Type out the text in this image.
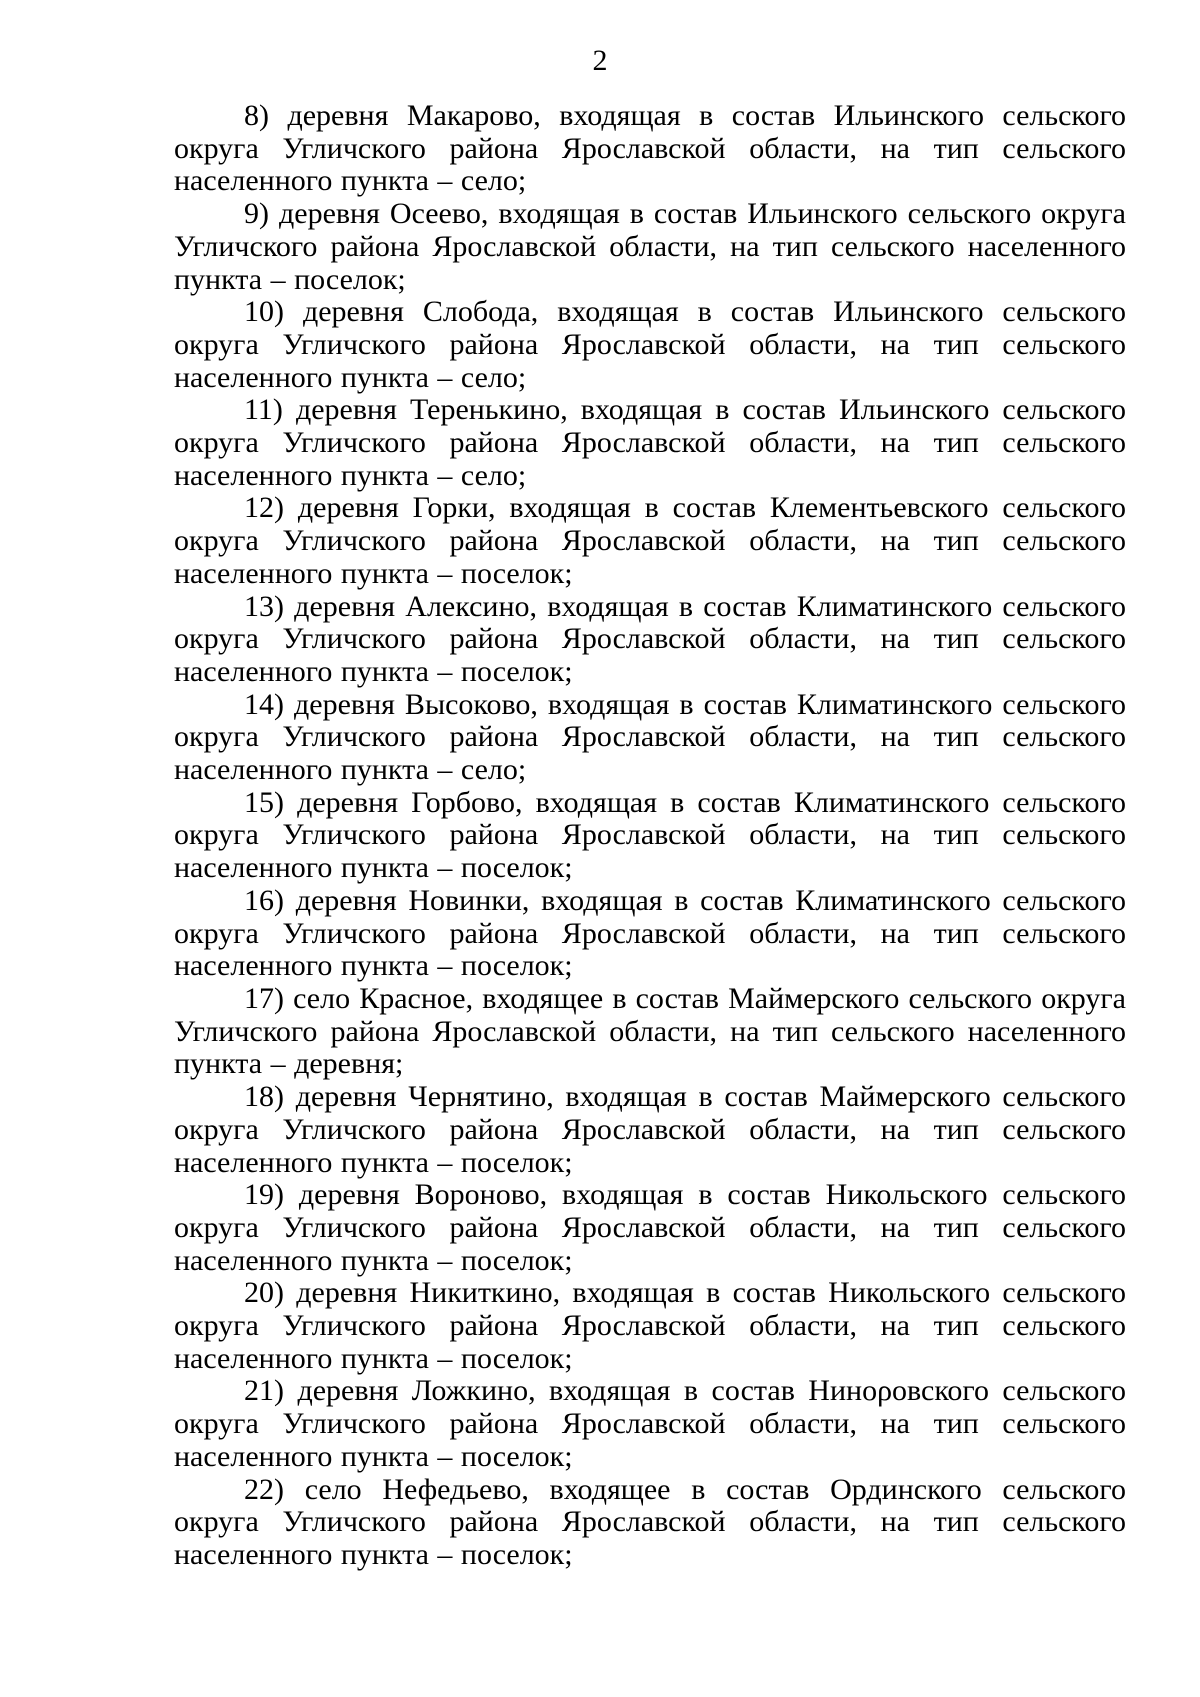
2

8) деревня Макарово, входящая в состав Ильинского сельского округа Угличского района Ярославской области, на тип сельского населенного пункта – село;

9) деревня Осеево, входящая в состав Ильинского сельского округа Угличского района Ярославской области, на тип сельского населенного пункта – поселок;

10) деревня Слобода, входящая в состав Ильинского сельского округа Угличского района Ярославской области, на тип сельского населенного пункта – село;

11) деревня Теренькино, входящая в состав Ильинского сельского округа Угличского района Ярославской области, на тип сельского населенного пункта – село;

12) деревня Горки, входящая в состав Клементьевского сельского округа Угличского района Ярославской области, на тип сельского населенного пункта – поселок;

13) деревня Алексино, входящая в состав Климатинского сельского округа Угличского района Ярославской области, на тип сельского населенного пункта – поселок;

14) деревня Высоково, входящая в состав Климатинского сельского округа Угличского района Ярославской области, на тип сельского населенного пункта – село;

15) деревня Горбово, входящая в состав Климатинского сельского округа Угличского района Ярославской области, на тип сельского населенного пункта – поселок;

16) деревня Новинки, входящая в состав Климатинского сельского округа Угличского района Ярославской области, на тип сельского населенного пункта – поселок;

17) село Красное, входящее в состав Маймерского сельского округа Угличского района Ярославской области, на тип сельского населенного пункта – деревня;

18) деревня Чернятино, входящая в состав Маймерского сельского округа Угличского района Ярославской области, на тип сельского населенного пункта – поселок;

19) деревня Вороново, входящая в состав Никольского сельского округа Угличского района Ярославской области, на тип сельского населенного пункта – поселок;

20) деревня Никиткино, входящая в состав Никольского сельского округа Угличского района Ярославской области, на тип сельского населенного пункта – поселок;

21) деревня Ложкино, входящая в состав Нинορовского сельского округа Угличского района Ярославской области, на тип сельского населенного пункта – поселок;

22) село Нефедьево, входящее в состав Ординского сельского округа Угличского района Ярославской области, на тип сельского населенного пункта – поселок;
